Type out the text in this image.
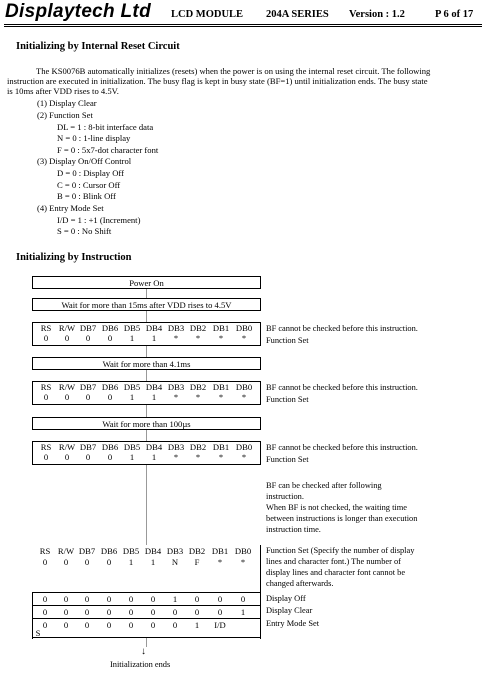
Displaytech Ltd LCD MODULE 204A SERIES Version : 1.2	P 6 of 17
Initializing by Internal Reset Circuit
The KS0076B automatically initializes (resets) when the power is on using the internal reset circuit. The following
instruction are executed in initialization. The busy flag is kept in busy state (BF=1) until initialization ends. The busy state
is 10ms after VDD rises to 4.5V.
(1) Display Clear
(2) Function Set
DL = 1 : 8-bit interface data
N = 0 : 1-line display
F = 0 : 5x7-dot character font
(3) Display On/Off Control
D = 0 : Display Off
C = 0 : Cursor Off
B = 0 : Blink Off
(4) Entry Mode Set
I/D = 1 : +1 (Increment)
S = 0 : No Shift
Initializing by Instruction
Power On
Wait for more than 15ms after VDD rises to 4.5V
RS R/W DB7 DB6 DB5 DB4 DB3 DB2 DB1 DB0
0	0	0	0	1	1	*	*	*	*
BF cannot be checked before this instruction.
Function Set
Wait for more than 4.1ms
RS R/W DB7 DB6 DB5 DB4 DB3 DB2 DB1 DB0
0	0	0	0	1	1	*	*	*	*
BF cannot be checked before this instruction.
Function Set
Wait for more than 100µs
RS R/W DB7 DB6 DB5 DB4 DB3 DB2 DB1 DB0
0	0	0	0	1	1	*	*	*	*
BF cannot be checked before this instruction.
Function Set
BF can be checked after following
instruction.
When BF is not checked, the waiting time
between instructions is longer than execution
instruction time.
S
RS R/W DB7 DB6 DB5 DB4 DB3 DB2 DB1 DB0
0	0	0	0	1	1	N	F	*	*
0	0	0	0	0	0	1	0	0	0
0	0	0	0	0	0	0	0	0	1
0	0	0	0	0	0	0	1	I/D
Function Set (Specify the number of display
lines and character font.) The number of
display lines and character font cannot be
changed afterwards.
Display Off
Display Clear
Entry Mode Set
↓
Initialization ends
